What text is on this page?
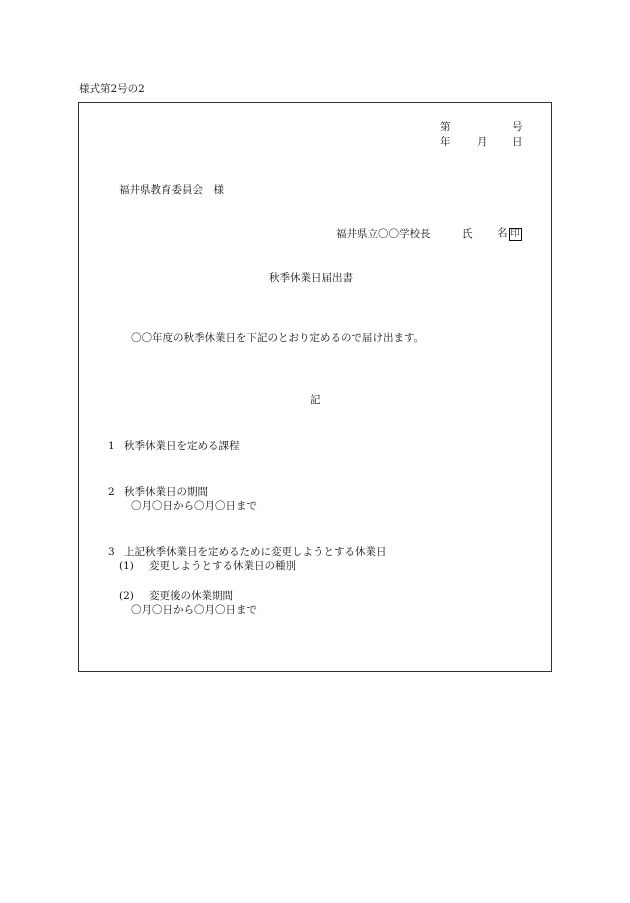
様式第2号の2
第	号
年	月 日
福井県教育委員会　様
福井県立〇〇学校長	氏 名 印
秋季休業日届出書
〇〇年度の秋季休業日を下記のとおり定めるので届け出ます。
記
1 秋季休業日を定める課程
2 秋季休業日の期間
〇月〇日から〇月〇日まで
3 上記秋季休業日を定めるために変更しようとする休業日
(1) 変更しようとする休業日の種別
(2) 変更後の休業期間
〇月〇日から〇月〇日まで
